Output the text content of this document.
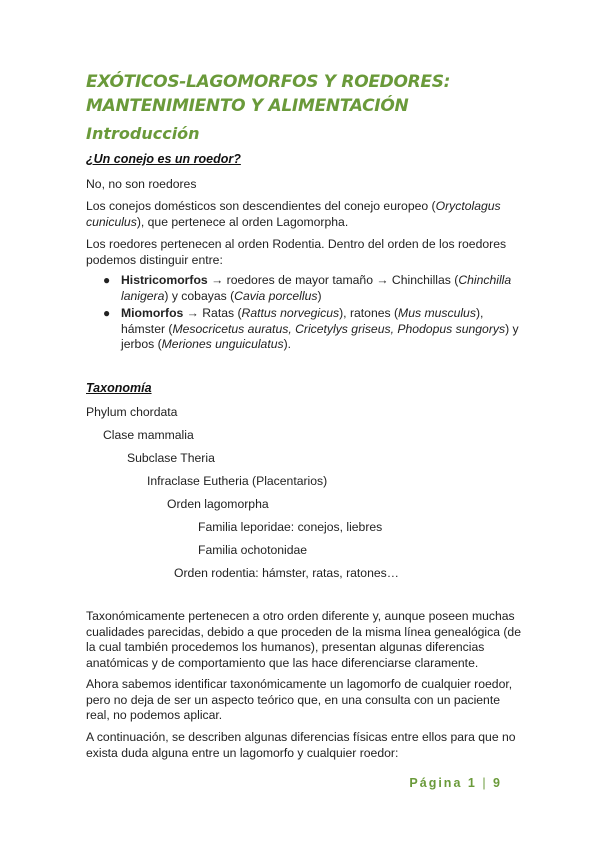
EXÓTICOS-LAGOMORFOS Y ROEDORES:
MANTENIMIENTO Y ALIMENTACIÓN
Introducción

¿Un conejo es un roedor?

No, no son roedores

Los conejos domésticos son descendientes del conejo europeo (Oryctolagus cuniculus), que pertenece al orden Lagomorpha.

Los roedores pertenecen al orden Rodentia. Dentro del orden de los roedores podemos distinguir entre:

● Histricomorfos → roedores de mayor tamaño → Chinchillas (Chinchilla lanigera) y cobayas (Cavia porcellus)
● Miomorfos → Ratas (Rattus norvegicus), ratones (Mus musculus), hámster (Mesocricetus auratus, Cricetylys griseus, Phodopus sungorys) y jerbos (Meriones unguiculatus).

Taxonomía

Phylum chordata

Clase mammalia

Subclase Theria

Infraclase Eutheria (Placentarios)

Orden lagomorpha

Familia leporidae: conejos, liebres

Familia ochotonidae

Orden rodentia: hámster, ratas, ratones…

Taxonómicamente pertenecen a otro orden diferente y, aunque poseen muchas cualidades parecidas, debido a que proceden de la misma línea genealógica (de la cual también procedemos los humanos), presentan algunas diferencias anatómicas y de comportamiento que las hace diferenciarse claramente.

Ahora sabemos identificar taxonómicamente un lagomorfo de cualquier roedor, pero no deja de ser un aspecto teórico que, en una consulta con un paciente real, no podemos aplicar.

A continuación, se describen algunas diferencias físicas entre ellos para que no exista duda alguna entre un lagomorfo y cualquier roedor:

Página 1 | 9
